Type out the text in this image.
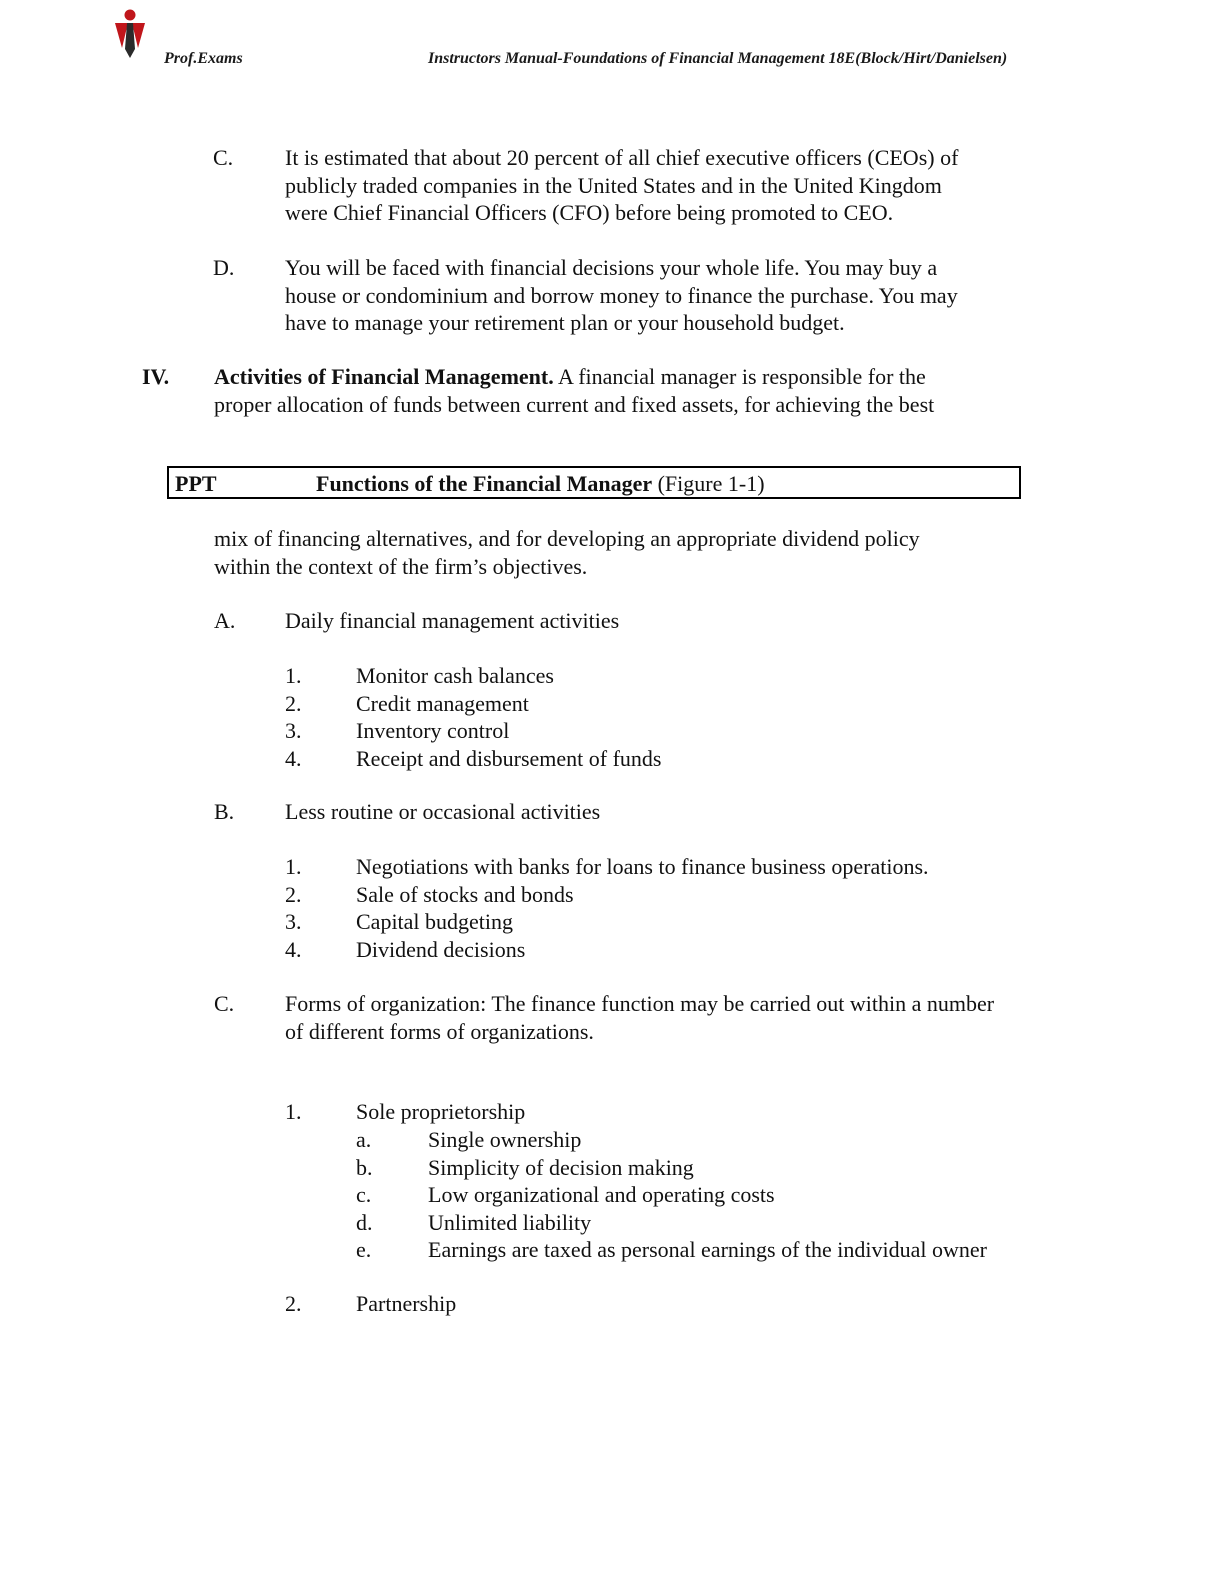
Prof.Exams	Instructors Manual-Foundations of Financial Management 18E(Block/Hirt/Danielsen)
C. It is estimated that about 20 percent of all chief executive officers (CEOs) of
publicly traded companies in the United States and in the United Kingdom
were Chief Financial Officers (CFO) before being promoted to CEO.
D. You will be faced with financial decisions your whole life. You may buy a
house or condominium and borrow money to finance the purchase. You may
have to manage your retirement plan or your household budget.
IV. Activities of Financial Management. A financial manager is responsible for the
proper allocation of funds between current and fixed assets, for achieving the best
PPT	Functions of the Financial Manager (Figure 1-1)
mix of financing alternatives, and for developing an appropriate dividend policy
within the context of the firm’s objectives.
A. Daily financial management activities
1.	Monitor cash balances
2.	Credit management
3.	Inventory control
4.	Receipt and disbursement of funds
B. Less routine or occasional activities
1.	Negotiations with banks for loans to finance business operations.
2.	Sale of stocks and bonds
3.	Capital budgeting
4.	Dividend decisions
C. Forms of organization: The finance function may be carried out within a number
of different forms of organizations.
1. Sole proprietorship
a.	Single ownership
b.	Simplicity of decision making
c.	Low organizational and operating costs
d.	Unlimited liability
e.	Earnings are taxed as personal earnings of the individual owner
2. Partnership
